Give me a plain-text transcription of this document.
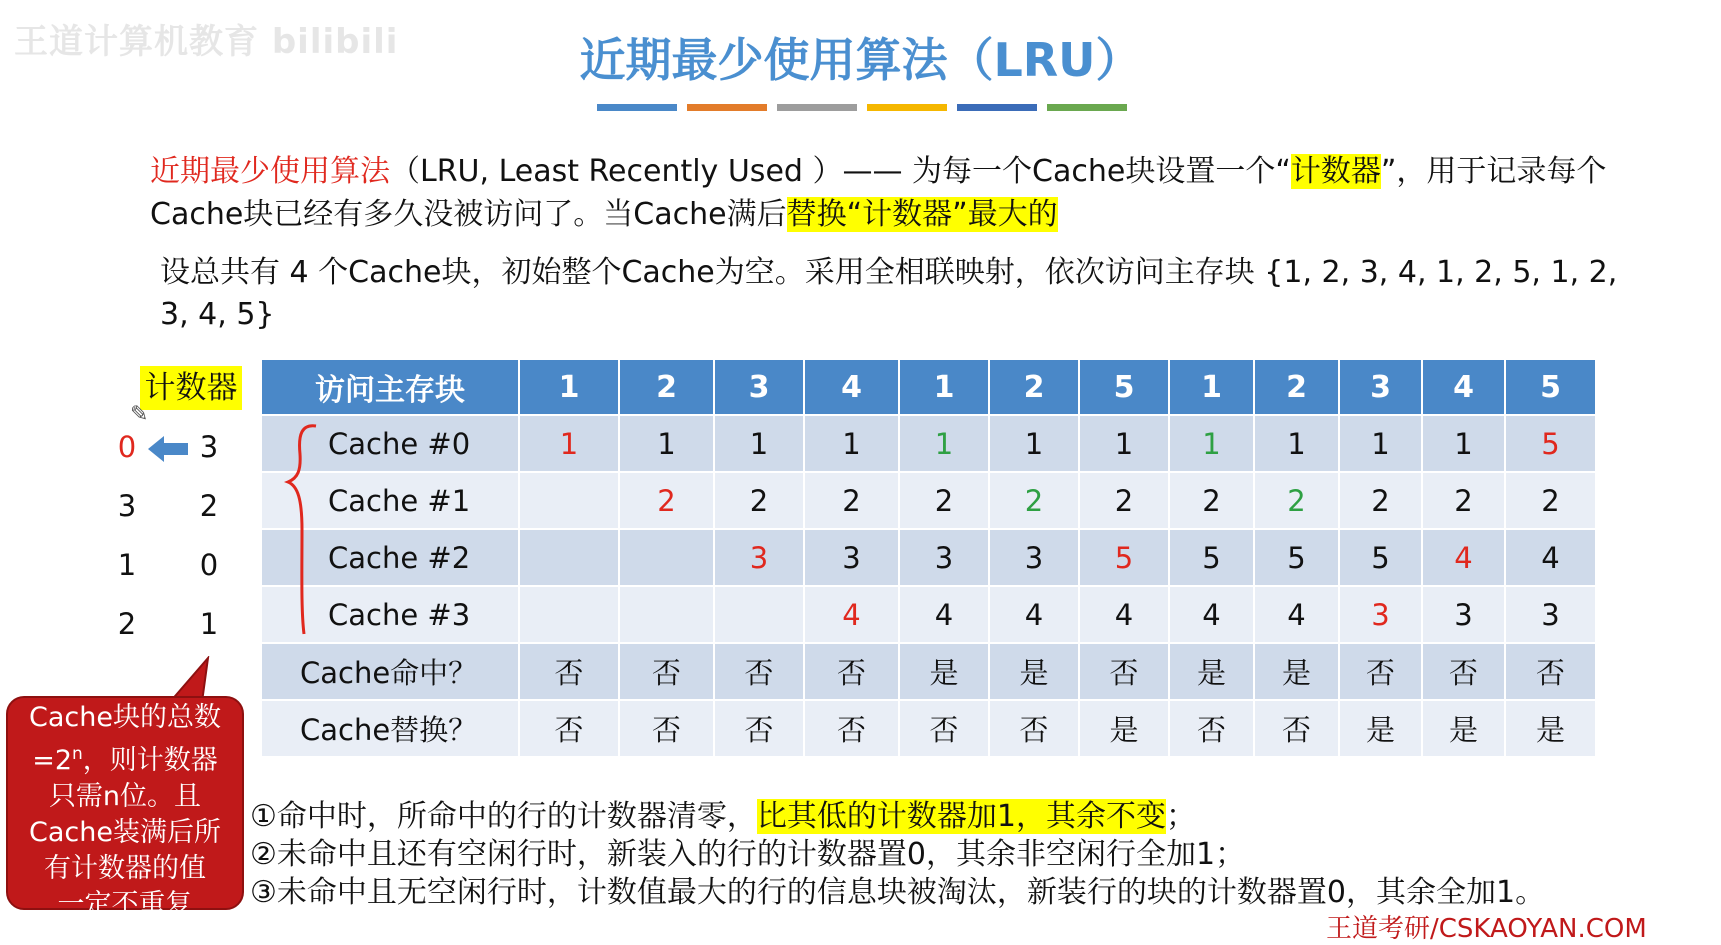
王道计算机教育 bilibili	近期最少使用算法（LRU）
近期最少使用算法（LRU, Least Recently Used ）—— 为每一个Cache块设置一个“计数器”，用于记录每个Cache块已经有多久没被访问了。当Cache满后替换“计数器”最大的
设总共有 4 个Cache块，初始整个Cache为空。采用全相联映射，依次访问主存块 {1, 2, 3, 4, 1, 2, 5, 1, 2, 3, 4, 5}
计数器
✎
0	3
3	2
1	0
2	1
访问主存块	1	2	3	4	1	2	5	1	2	3	4	5
Cache #0	1	1	1	1	1	1	1	1	1	1	1	5
Cache #1		2	2	2	2	2	2	2	2	2	2	2
Cache #2			3	3	3	3	5	5	5	5	4	4
Cache #3				4	4	4	4	4	4	3	3	3
Cache命中？	否	否	否	否	是	是	否	是	是	否	否	否
Cache替换？	否	否	否	否	否	否	是	否	否	是	是	是
Cache块的总数
$=2^n$，则计数器
只需n位。且
Cache装满后所
有计数器的值
一定不重复
①命中时，所命中的行的计数器清零，比其低的计数器加1，其余不变；
②未命中且还有空闲行时，新装入的行的计数器置0，其余非空闲行全加1；
③未命中且无空闲行时，计数值最大的行的信息块被淘汰，新装行的块的计数器置0，其余全加1。
王道考研/CSKAOYAN.COM
